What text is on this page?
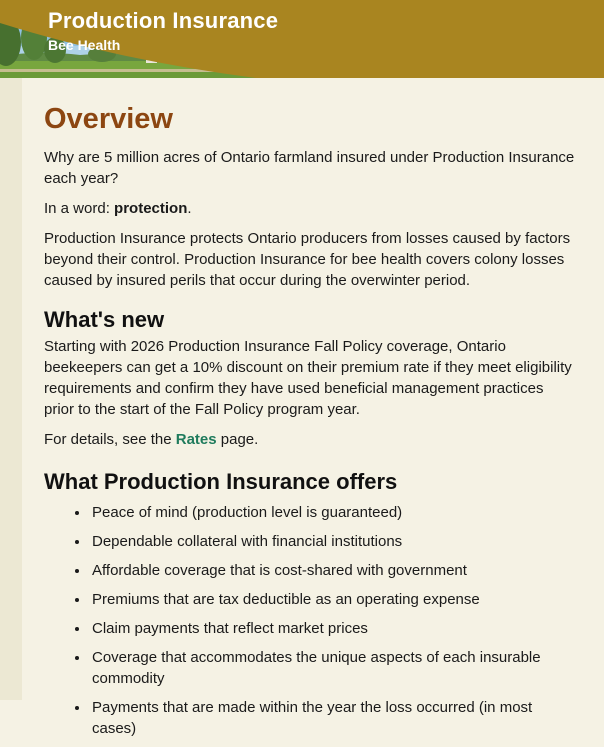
Production Insurance
Bee Health
Overview

Why are 5 million acres of Ontario farmland insured under Production Insurance each year?

In a word: protection.

Production Insurance protects Ontario producers from losses caused by factors beyond their control. Production Insurance for bee health covers colony losses caused by insured perils that occur during the overwinter period.

What's new

Starting with 2026 Production Insurance Fall Policy coverage, Ontario beekeepers can get a 10% discount on their premium rate if they meet eligibility requirements and confirm they have used beneficial management practices prior to the start of the Fall Policy program year.

For details, see the Rates page.

What Production Insurance offers
• Peace of mind (production level is guaranteed)
• Dependable collateral with financial institutions
• Affordable coverage that is cost-shared with government
• Premiums that are tax deductible as an operating expense
• Claim payments that reflect market prices
• Coverage that accommodates the unique aspects of each insurable commodity
• Payments that are made within the year the loss occurred (in most cases)
